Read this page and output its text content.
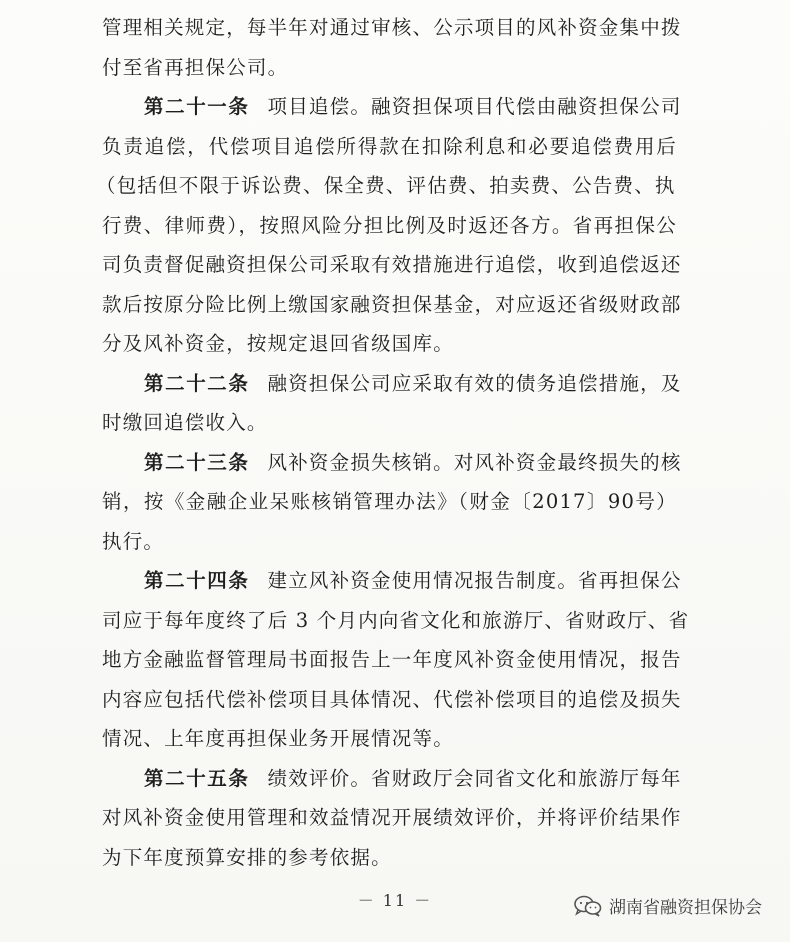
管理相关规定，每半年对通过审核、公示项目的风补资金集中拨
付至省再担保公司。
第二十一条 项目追偿。融资担保项目代偿由融资担保公司
负责追偿，代偿项目追偿所得款在扣除利息和必要追偿费用后
（包括但不限于诉讼费、保全费、评估费、拍卖费、公告费、执
行费、律师费），按照风险分担比例及时返还各方。省再担保公
司负责督促融资担保公司采取有效措施进行追偿，收到追偿返还
款后按原分险比例上缴国家融资担保基金，对应返还省级财政部
分及风补资金，按规定退回省级国库。
第二十二条 融资担保公司应采取有效的债务追偿措施，及
时缴回追偿收入。
第二十三条 风补资金损失核销。对风补资金最终损失的核
销，按《金融企业呆账核销管理办法》（财金〔2017〕90号）
执行。
第二十四条 建立风补资金使用情况报告制度。省再担保公
司应于每年度终了后 3 个月内向省文化和旅游厅、省财政厅、省
地方金融监督管理局书面报告上一年度风补资金使用情况，报告
内容应包括代偿补偿项目具体情况、代偿补偿项目的追偿及损失
情况、上年度再担保业务开展情况等。
第二十五条 绩效评价。省财政厅会同省文化和旅游厅每年
对风补资金使用管理和效益情况开展绩效评价，并将评价结果作
为下年度预算安排的参考依据。
－ 11 －	湖南省融资担保协会
